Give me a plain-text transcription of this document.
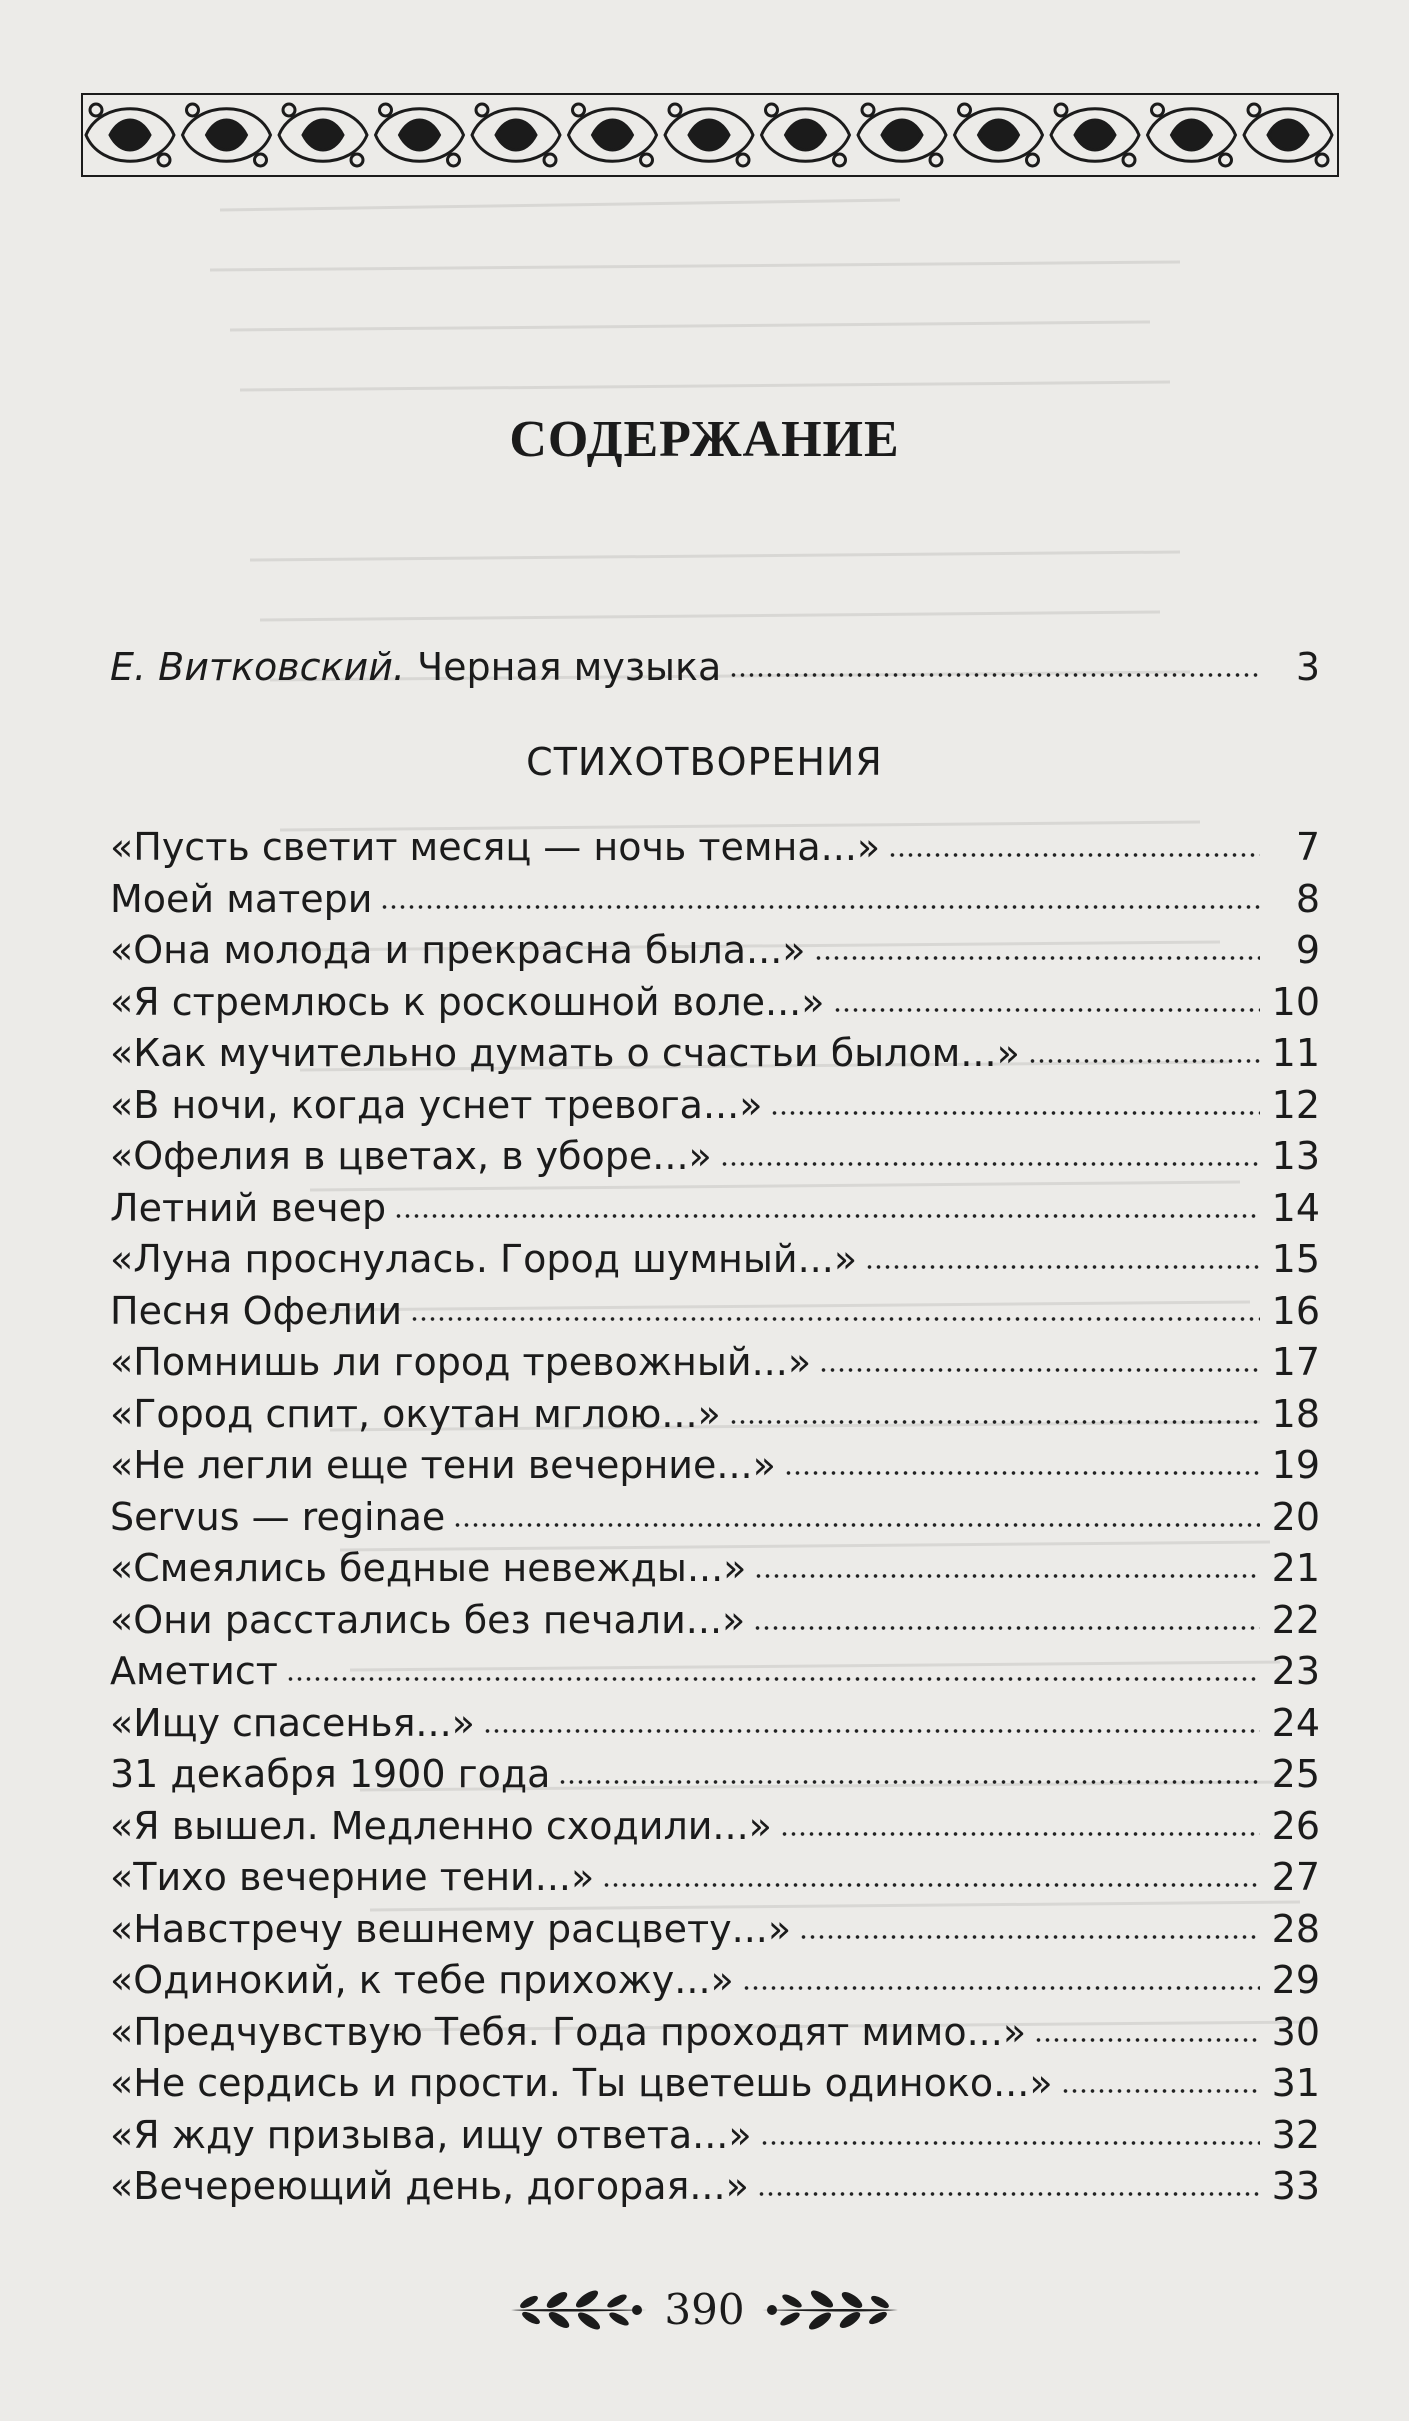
СОДЕРЖАНИЕ
Е. Витковский. Черная музыка	3
СТИХОТВОРЕНИЯ
«Пусть светит месяц — ночь темна...»	7
Моей матери	8
«Она молода и прекрасна была...»	9
«Я стремлюсь к роскошной воле...»	10
«Как мучительно думать о счастьи былом...»	11
«В ночи, когда уснет тревога...»	12
«Офелия в цветах, в уборе...»	13
Летний вечер	14
«Луна проснулась. Город шумный...»	15
Песня Офелии	16
«Помнишь ли город тревожный...»	17
«Город спит, окутан мглою...»	18
«Не легли еще тени вечерние...»	19
Servus — reginae	20
«Смеялись бедные невежды...»	21
«Они расстались без печали...»	22
Аметист	23
«Ищу спасенья...»	24
31 декабря 1900 года	25
«Я вышел. Медленно сходили...»	26
«Тихо вечерние тени...»	27
«Навстречу вешнему расцвету...»	28
«Одинокий, к тебе прихожу...»	29
«Предчувствую Тебя. Года проходят мимо...»	30
«Не сердись и прости. Ты цветешь одиноко...»	31
«Я жду призыва, ищу ответа...»	32
«Вечереющий день, догорая...»	33
390
